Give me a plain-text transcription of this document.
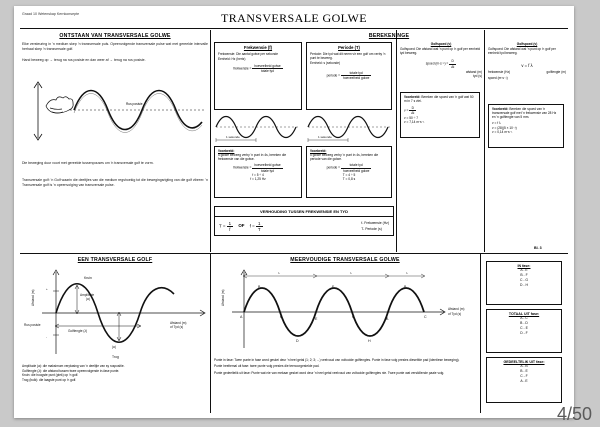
Graad 10 Wetenskap Kernkonsepte	TRANSVERSALE GOLWE
ONTSTAAN VAN TRANSVERSALE GOLWE
Elke versteuring in 'n medium skep 'n transversale puls. Opeenvolgende transversale pulse wat met gereelde intervalle herhaal skep 'n transversale golf.
Hand beweeg op → terug na rus posisie en dan weer af → terug na rus posisie.
Rus posisie
Die beweging duur voort met gereelde tussenpouses om 'n transversale golf te vorm.
Transversale golf: 'n Golf waarin die deeltjies van die medium regshoekig tot die bewegingsrigting van die golf vibreer. 'n Transversale golf is 'n opeenvolging van transversale pulse.
BEREKENINGE
Frekwensie (f)
Frekwensie: Die aantal golwe per sekonde
Eenheid: Hz (hertz)
frekwensie = $\frac{\text{hoeveelheid golwe}}{\text{totale tyd}}$
Periode (T)
Periode: Die tyd wat dit neem vir een golf om verby 'n punt te beweeg.
Eenheid: s (sekonde)
periode = $\frac{\text{totale tyd}}{\text{hoeveelheid golwe}}$
Voorbeeld:
5 golwe beweeg verby 'n punt in 4s, bereken die frekwensie van die golwe.
frekwensie = $\frac{\text{hoeveelheid golwe}}{\text{totale tyd}}$
f = 5 ÷ 4
f = 1,25 Hz
Voorbeeld:
5 golwe beweeg verby 'n punt in 4s, bereken die periode van die golwe.
periode = $\frac{\text{totale tyd}}{\text{hoeveelheid golwe}}$
T = 4 ÷ 5
T = 0,8 s
1 sekonde	1 sekonde
Golfspoed (v)
Golfspoed: Die afstand wat 'n punt op 'n golf per eenheid tyd beweeg.
spoed $(m\cdot s^{-1}) = \frac{D}{\Delta t}$
afstand (m)
tyd (s)
Voorbeeld: Bereken die spoed van 'n golf wat 50 m in 7 s vlei.
$v = \frac{D}{\Delta t}$
v = 50 ÷ 7
v = 7,14 m·s⁻¹
Golfspoed (v)
Golfspoed: Die afstand wat 'n punt op 'n golf per eenheid tyd beweeg.
v = f λ
frekwensie (Hz)	golflengte (m)
spoed (m·s⁻¹)
Voorbeeld: Bereken die spoed van 'n transversale golf met 'n frekwensie van 28 Hz en 'n golflengte van 5 mm.
v = f λ
v = (28)(5 × 10⁻³)
v = 0,14 m·s⁻¹
VERHOUDING TUSSEN FREKWENSIE EN TYD
$T = \frac{1}{f}$ OF $f = \frac{1}{T}$	f- Frekwensie (Hz)
T- Periode (s)
EEN TRANSVERSALE GOLF
Kruin
Amplitude
(a)
Golflengte (λ)
(a)
Trog
Rus posisie	Afstand (m)
of Tyd (s)
Afstand (m)
+
-
Amplitude (a): die maksimum verplasing van 'n deeltjie van sy ruspositie.
Golflengte (λ): die afstand tussen twee opeenvolgende in-fase punte.
Kruin: die hoogste punt (piek) op 'n golf.
Trog (bulk): die laagste punt op 'n golf.
MEERVOUDIGE TRANSVERSALE GOLWE
λ	λ	λ
A
B
C
D
E
F
G
H
A
B
C
Afstand (m)
Afstand (m)
of Tyd (s)
Punte in fase: Twee punte in fase word geskei deur 'n heel getal (1; 2; 3; ...) veelvoud van voltooide golflengtes. Punte in fase volg presies dieselfde pad (identiese beweging).
Punte heeltemal uit fase: twee punte volg presies die teenoorgestelde pad.
Punte gedeeltelik uit fase: Punte wat nie van mekaar geskei word deur 'n heel getal veelvoud van voltooide golflengtes nie. Twee punte wat verskillende paaie volg.
IN fase:
A - E
B - F
C - G
D - H
TOTAAL UIT fase:
A - C
B - D
C - E
D - F
GEDEELTELIK UIT fase:
A - B
B - E
C - F
A - E
Bl. 3
4/50
